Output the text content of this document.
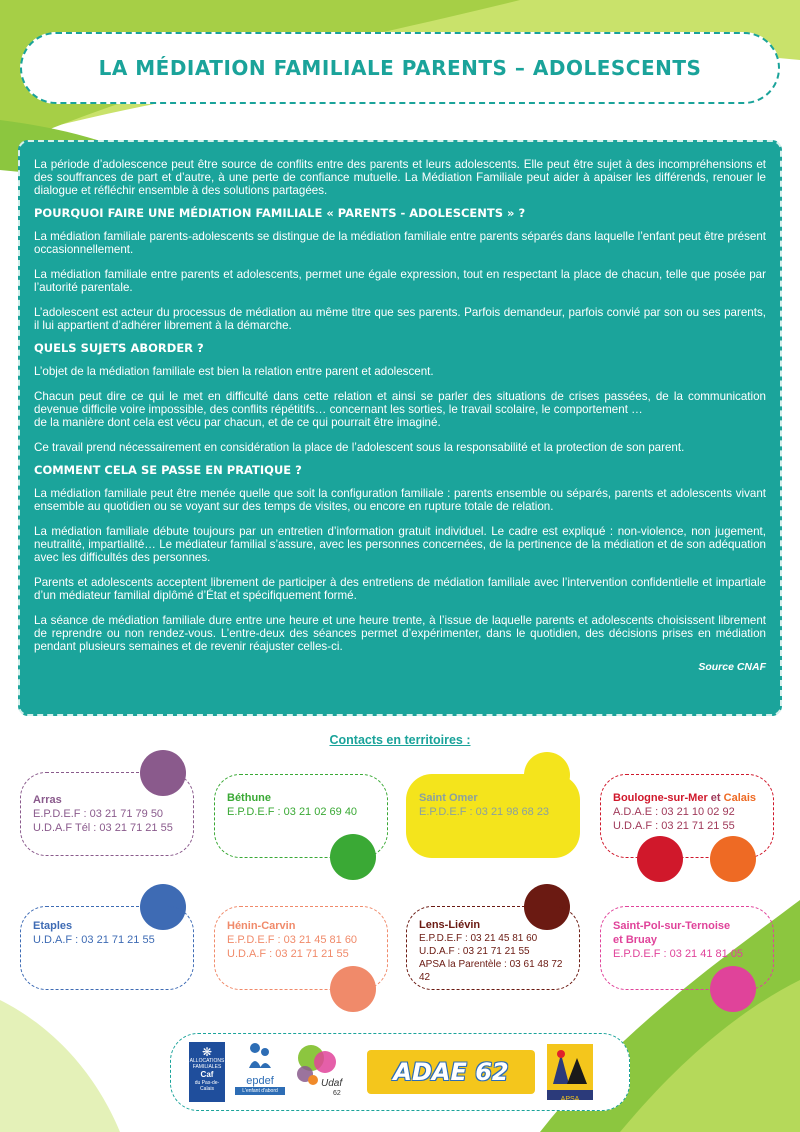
LA MÉDIATION FAMILIALE PARENTS – ADOLESCENTS

La période d’adolescence peut être source de conflits entre des parents et leurs adolescents. Elle peut être sujet à des incompréhensions et des souffrances de part et d’autre, à une perte de confiance mutuelle. La Médiation Familiale peut aider à apaiser les différends, renouer le dialogue et réfléchir ensemble à des solutions partagées.

POURQUOI FAIRE UNE MÉDIATION FAMILIALE « PARENTS - ADOLESCENTS » ?

La médiation familiale parents-adolescents se distingue de la médiation familiale entre parents séparés dans laquelle l’enfant peut être présent occasionnellement.

La médiation familiale entre parents et adolescents, permet une égale expression, tout en respectant la place de chacun, telle que posée par l’autorité parentale.

L’adolescent est acteur du processus de médiation au même titre que ses parents. Parfois demandeur, parfois convié par son ou ses parents, il lui appartient d’adhérer librement à la démarche.

QUELS SUJETS ABORDER ?

L’objet de la médiation familiale est bien la relation entre parent et adolescent.

Chacun peut dire ce qui le met en difficulté dans cette relation et ainsi se parler des situations de crises passées, de la communication devenue difficile voire impossible, des conflits répétitifs… concernant les sorties, le travail scolaire, le comportement …
de la manière dont cela est vécu par chacun, et de ce qui pourrait être imaginé.

Ce travail prend nécessairement en considération la place de l’adolescent sous la responsabilité et la protection de son parent.

COMMENT CELA SE PASSE EN PRATIQUE ?

La médiation familiale peut être menée quelle que soit la configuration familiale : parents ensemble ou séparés, parents et adolescents vivant ensemble au quotidien ou se voyant sur des temps de visites, ou encore en rupture totale de relation.

La médiation familiale débute toujours par un entretien d’information gratuit individuel. Le cadre est expliqué : non-violence, non jugement, neutralité, impartialité… Le médiateur familial s’assure, avec les personnes concernées, de la pertinence de la médiation et de son adéquation avec les difficultés des personnes.

Parents et adolescents acceptent librement de participer à des entretiens de médiation familiale avec l’intervention confidentielle et impartiale d’un médiateur familial diplômé d’État et spécifiquement formé.

La séance de médiation familiale dure entre une heure et une heure trente, à l’issue de laquelle parents et adolescents choisissent librement de reprendre ou non rendez-vous. L’entre-deux des séances permet d’expérimenter, dans le quotidien, des décisions prises en médiation pendant plusieurs semaines et de revenir réajuster celles-ci.

Source CNAF
Contacts en territoires :
Arras
E.P.D.E.F : 03 21 71 79 50
U.D.A.F Tél : 03 21 71 21 55
Béthune
E.P.D.E.F : 03 21 02 69 40
Saint Omer
E.P.D.E.F : 03 21 98 68 23
Boulogne-sur-Mer et Calais
A.D.A.E : 03 21 10 02 92
U.D.A.F : 03 21 71 21 55
Etaples
U.D.A.F : 03 21 71 21 55
Hénin-Carvin
E.P.D.E.F : 03 21 45 81 60
U.D.A.F : 03 21 71 21 55
Lens-Liévin
E.P.D.E.F : 03 21 45 81 60
U.D.A.F : 03 21 71 21 55
APSA la Parentèle : 03 61 48 72 42
Saint-Pol-sur-Ternoise
et Bruay
E.P.D.E.F : 03 21 41 81 05
❋
ALLOCATIONS FAMILIALES
Caf
du Pas-de-Calais
epdef
L'enfant d'abord
Udaf
62
ADAE 62
APSA
